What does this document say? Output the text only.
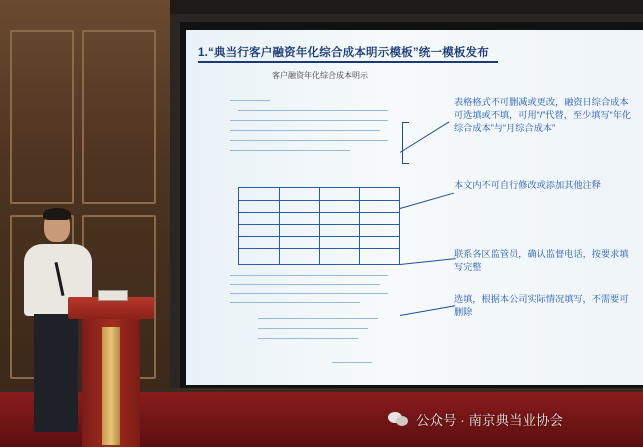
1.“典当行客户融资年化综合成本明示模板”统一模板发布
客户融资年化综合成本明示
表格格式不可删减或更改，融资日综合成本可选填或不填，可用“/”代替，至少填写“年化综合成本”与“月综合成本”
本文内不可自行修改或添加其他注释
联系各区监管员，确认监督电话，按要求填写完整
选填，根据本公司实际情况填写，不需要可删除
公众号 · 南京典当业协会
